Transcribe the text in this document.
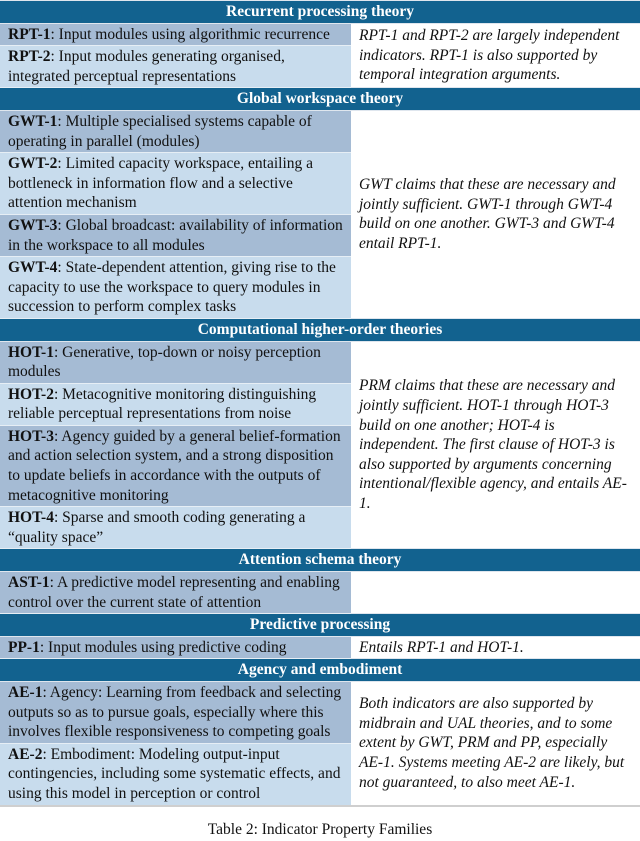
Recurrent processing theory	
RPT-1: Input modules using algorithmic recurrence	RPT-1 and RPT-2 are largely independent indicators. RPT-1 is also supported by temporal integration arguments.
RPT-2: Input modules generating organised, integrated perceptual representations	
Global workspace theory	
GWT-1: Multiple specialised systems capable of operating in parallel (modules)	GWT claims that these are necessary and jointly sufficient. GWT-1 through GWT-4 build on one another. GWT-3 and GWT-4 entail RPT-1.
GWT-2: Limited capacity workspace, entailing a bottleneck in information flow and a selective attention mechanism	
GWT-3: Global broadcast: availability of information in the workspace to all modules	
GWT-4: State-dependent attention, giving rise to the capacity to use the workspace to query modules in succession to perform complex tasks	
Computational higher-order theories	
HOT-1: Generative, top-down or noisy perception modules	PRM claims that these are necessary and jointly sufficient. HOT-1 through HOT-3 build on one another; HOT-4 is independent. The first clause of HOT-3 is also supported by arguments concerning intentional/flexible agency, and entails AE-1.
HOT-2: Metacognitive monitoring distinguishing reliable perceptual representations from noise	
HOT-3: Agency guided by a general belief-formation and action selection system, and a strong disposition to update beliefs in accordance with the outputs of metacognitive monitoring	
HOT-4: Sparse and smooth coding generating a “quality space”	
Attention schema theory	
AST-1: A predictive model representing and enabling control over the current state of attention	
Predictive processing	
PP-1: Input modules using predictive coding	Entails RPT-1 and HOT-1.
Agency and embodiment	
AE-1: Agency: Learning from feedback and selecting outputs so as to pursue goals, especially where this involves flexible responsiveness to competing goals	Both indicators are also supported by midbrain and UAL theories, and to some extent by GWT, PRM and PP, especially AE-1. Systems meeting AE-2 are likely, but not guaranteed, to also meet AE-1.
AE-2: Embodiment: Modeling output-input contingencies, including some systematic effects, and using this model in perception or control	
Table 2: Indicator Property Families
